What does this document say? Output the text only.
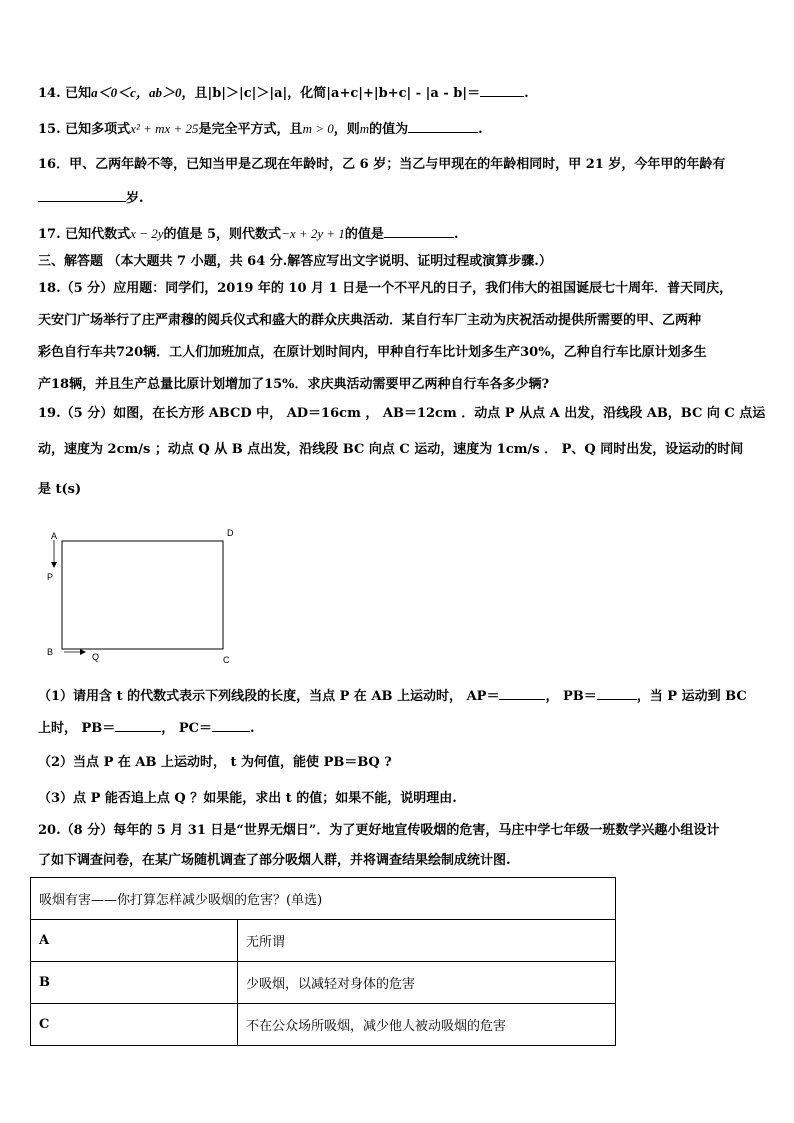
14. 已知a＜0＜c，ab＞0，且|b|＞|c|＞|a|，化简|a+c|+|b+c| - |a - b|＝	.
15. 已知多项式x² + mx + 25是完全平方式，且m > 0，则m的值为	.
16．甲、乙两年龄不等，已知当甲是乙现在年龄时，乙 6 岁；当乙与甲现在的年龄相同时，甲 21 岁，今年甲的年龄有
岁.
17. 已知代数式x − 2y的值是 5，则代数式−x + 2y + 1的值是	.
三、解答题 （本大题共 7 小题，共 64 分.解答应写出文字说明、证明过程或演算步骤.）
18.（5 分）应用题：同学们，2019 年的 10 月 1 日是一个不平凡的日子，我们伟大的祖国诞辰七十周年．普天同庆，
天安门广场举行了庄严肃穆的阅兵仪式和盛大的群众庆典活动．某自行车厂主动为庆祝活动提供所需要的甲、乙两种
彩色自行车共720辆．工人们加班加点，在原计划时间内，甲种自行车比计划多生产30%，乙种自行车比原计划多生
产18辆，并且生产总量比原计划增加了15%．求庆典活动需要甲乙两种自行车各多少辆?
19.（5 分）如图，在长方形 ABCD 中， AD＝16cm ， AB＝12cm ．动点 P 从点 A 出发，沿线段 AB，BC 向 C 点运
动，速度为 2cm/s ；动点 Q 从 B 点出发，沿线段 BC 向点 C 运动，速度为 1cm/s ． P、Q 同时出发，设运动的时间
是 t(s)
A	D
P
B	Q	C
（1）请用含 t 的代数式表示下列线段的长度，当点 P 在 AB 上运动时， AP＝	， PB＝	，当 P 运动到 BC
上时， PB＝	， PC＝	.
（2）当点 P 在 AB 上运动时， t 为何值，能使 PB＝BQ ?
（3）点 P 能否追上点 Q ？如果能，求出 t 的值；如果不能，说明理由.
20.（8 分）每年的 5 月 31 日是“世界无烟日”．为了更好地宣传吸烟的危害，马庄中学七年级一班数学兴趣小组设计
了如下调查问卷，在某广场随机调查了部分吸烟人群，并将调查结果绘制成统计图.
吸烟有害——你打算怎样减少吸烟的危害？(单选)	
A	无所谓
B	少吸烟，以减轻对身体的危害
C	不在公众场所吸烟，减少他人被动吸烟的危害
